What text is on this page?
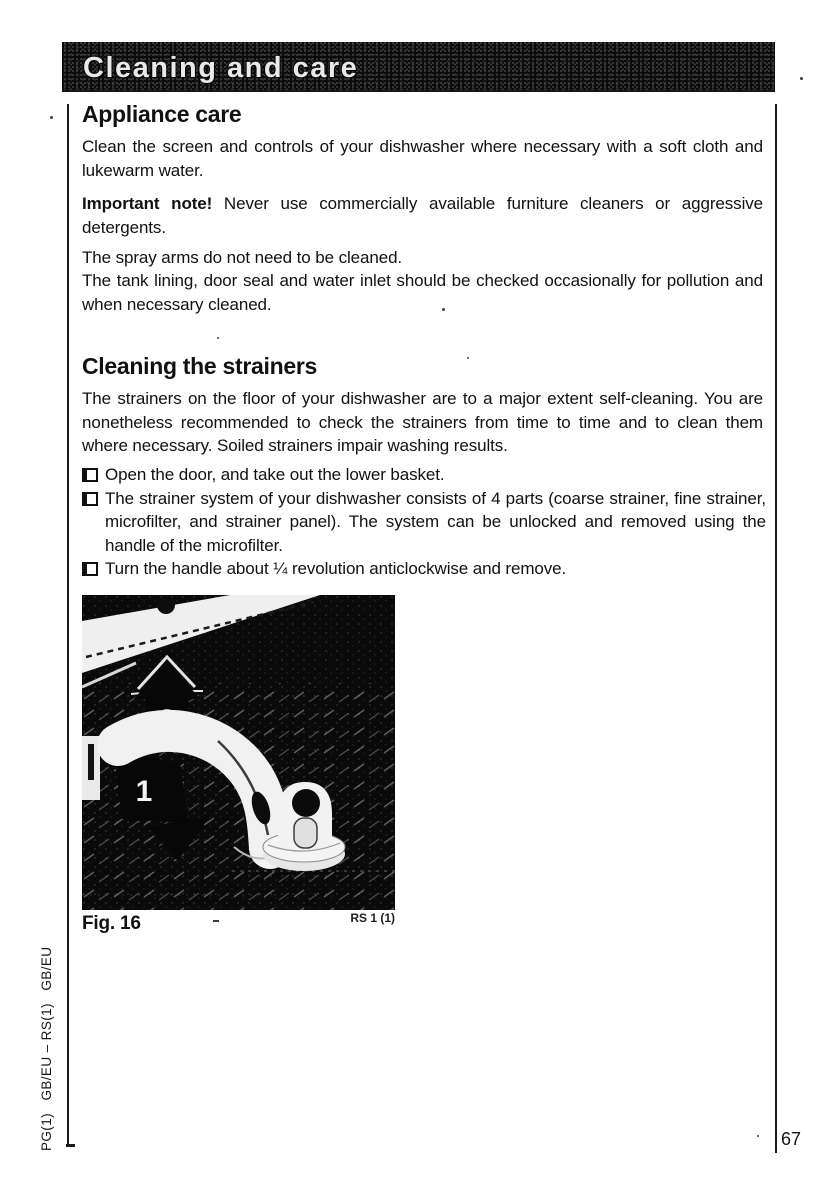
Cleaning and care
Appliance care
Clean the screen and controls of your dishwasher where necessary with a soft cloth and lukewarm water.
Important note! Never use commercially available furniture cleaners or aggressive detergents.
The spray arms do not need to be cleaned.
The tank lining, door seal and water inlet should be checked occasionally for pollution and when necessary cleaned.
Cleaning the strainers
The strainers on the floor of your dishwasher are to a major extent self-cleaning. You are nonetheless recommended to check the strainers from time to time and to clean them where necessary. Soiled strainers impair washing results.
Open the door, and take out the lower basket.
The strainer system of your dishwasher consists of 4 parts (coarse strainer, fine strainer, microfilter, and strainer panel). The system can be unlocked and removed using the handle of the microfilter.
Turn the handle about ¼ revolution anticlockwise and remove.
2
1
Fig. 16	RS 1 (1)
PG(1)   GB/EU – RS(1)   GB/EU	67
